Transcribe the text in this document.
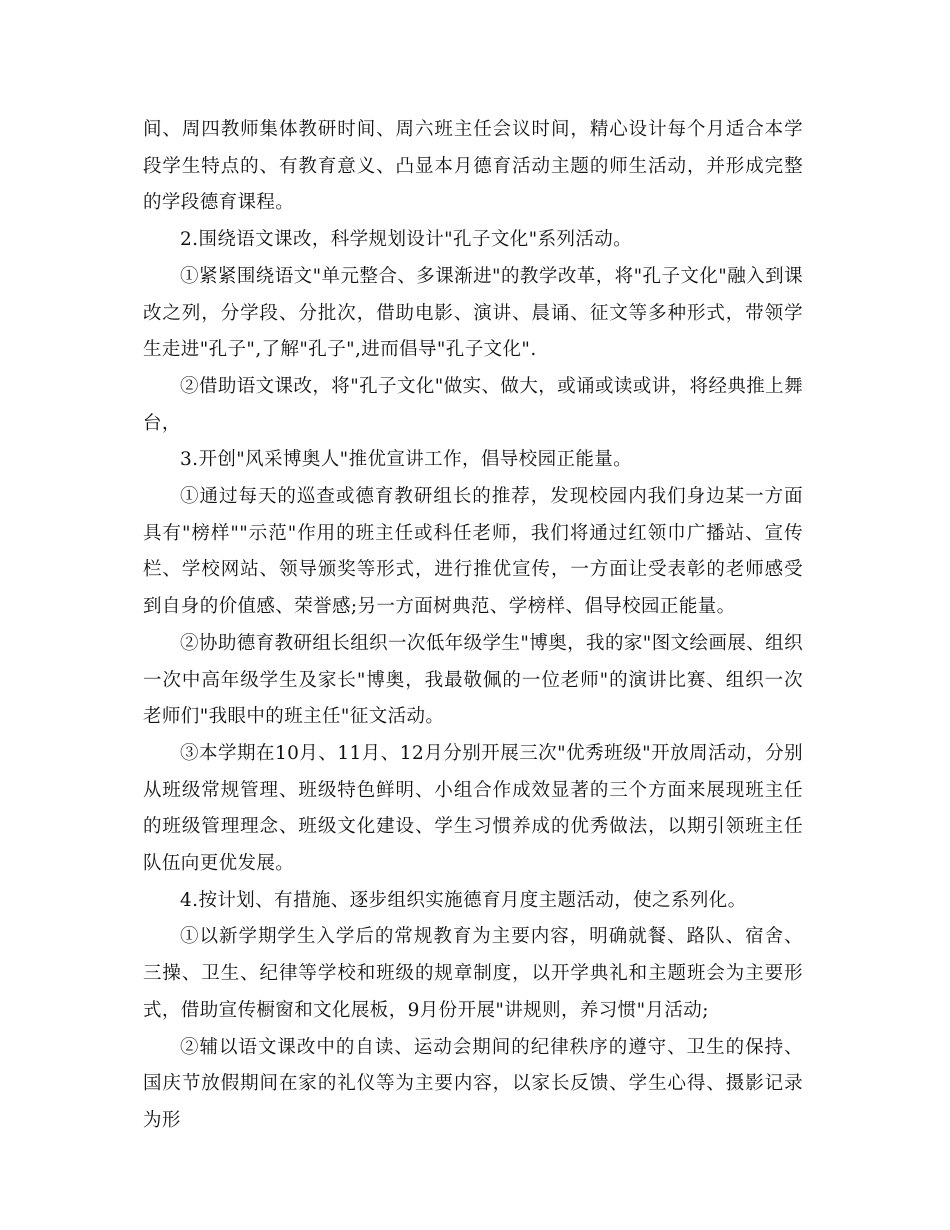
间、周四教师集体教研时间、周六班主任会议时间，精心设计每个月适合本学段学生特点的、有教育意义、凸显本月德育活动主题的师生活动，并形成完整的学段德育课程。

2.围绕语文课改，科学规划设计"孔子文化"系列活动。

①紧紧围绕语文"单元整合、多课渐进"的教学改革，将"孔子文化"融入到课改之列，分学段、分批次，借助电影、演讲、晨诵、征文等多种形式，带领学生走进"孔子",了解"孔子",进而倡导"孔子文化".

②借助语文课改，将"孔子文化"做实、做大，或诵或读或讲，将经典推上舞台，

3.开创"风采博奥人"推优宣讲工作，倡导校园正能量。

①通过每天的巡查或德育教研组长的推荐，发现校园内我们身边某一方面具有"榜样""示范"作用的班主任或科任老师，我们将通过红领巾广播站、宣传栏、学校网站、领导颁奖等形式，进行推优宣传，一方面让受表彰的老师感受到自身的价值感、荣誉感;另一方面树典范、学榜样、倡导校园正能量。

②协助德育教研组长组织一次低年级学生"博奥，我的家"图文绘画展、组织一次中高年级学生及家长"博奥，我最敬佩的一位老师"的演讲比赛、组织一次老师们"我眼中的班主任"征文活动。

③本学期在10月、11月、12月分别开展三次"优秀班级"开放周活动，分别从班级常规管理、班级特色鲜明、小组合作成效显著的三个方面来展现班主任的班级管理理念、班级文化建设、学生习惯养成的优秀做法，以期引领班主任队伍向更优发展。

4.按计划、有措施、逐步组织实施德育月度主题活动，使之系列化。

①以新学期学生入学后的常规教育为主要内容，明确就餐、路队、宿舍、三操、卫生、纪律等学校和班级的规章制度，以开学典礼和主题班会为主要形式，借助宣传橱窗和文化展板，9月份开展"讲规则，养习惯"月活动;

②辅以语文课改中的自读、运动会期间的纪律秩序的遵守、卫生的保持、国庆节放假期间在家的礼仪等为主要内容，以家长反馈、学生心得、摄影记录为形
